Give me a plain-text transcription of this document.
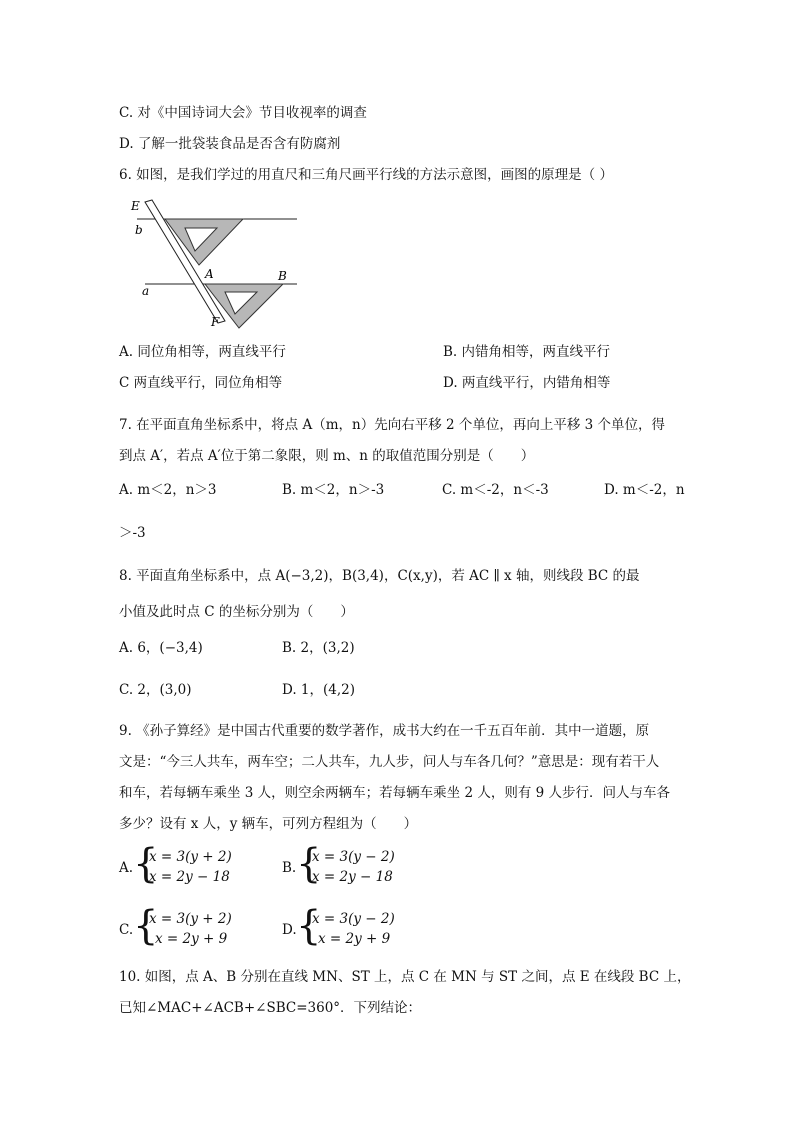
C. 对《中国诗词大会》节目收视率的调查
D. 了解一批袋装食品是否含有防腐剂
6. 如图，是我们学过的用直尺和三角尺画平行线的方法示意图，画图的原理是（ ）
E
b
A	B
a
F
A. 同位角相等，两直线平行	B. 内错角相等，两直线平行
C 两直线平行，同位角相等	D. 两直线平行，内错角相等
7. 在平面直角坐标系中，将点 A（m，n）先向右平移 2 个单位，再向上平移 3 个单位，得
到点 A′，若点 A′位于第二象限，则 m、n 的取值范围分别是（　　）
A. m＜2，n＞3	B. m＜2，n＞-3	C. m＜-2，n＜-3	D. m＜-2，n
＞-3
8. 平面直角坐标系中，点 A(−3,2)，B(3,4)，C(x,y)，若 AC ∥ x 轴，则线段 BC 的最
小值及此时点 C 的坐标分别为（　　）
A. 6，(−3,4)	B. 2，(3,2)
C. 2，(3,0)	D. 1，(4,2)
9. 《孙子算经》是中国古代重要的数学著作，成书大约在一千五百年前．其中一道题，原
文是：“今三人共车，两车空；二人共车，九人步，问人与车各几何？”意思是：现有若干人
和车，若每辆车乘坐 3 人，则空余两辆车；若每辆车乘坐 2 人，则有 9 人步行．问人与车各
多少？设有 x 人，y 辆车，可列方程组为（　　）
A. {
x = 3(y + 2)
x = 2y − 18
B. {
x = 3(y − 2)
x = 2y − 18
C. {
x = 3(y + 2)
x = 2y + 9
D. {
x = 3(y − 2)
x = 2y + 9
10. 如图，点 A、B 分别在直线 MN、ST 上，点 C 在 MN 与 ST 之间，点 E 在线段 BC 上，
已知∠MAC+∠ACB+∠SBC=360°．下列结论：
